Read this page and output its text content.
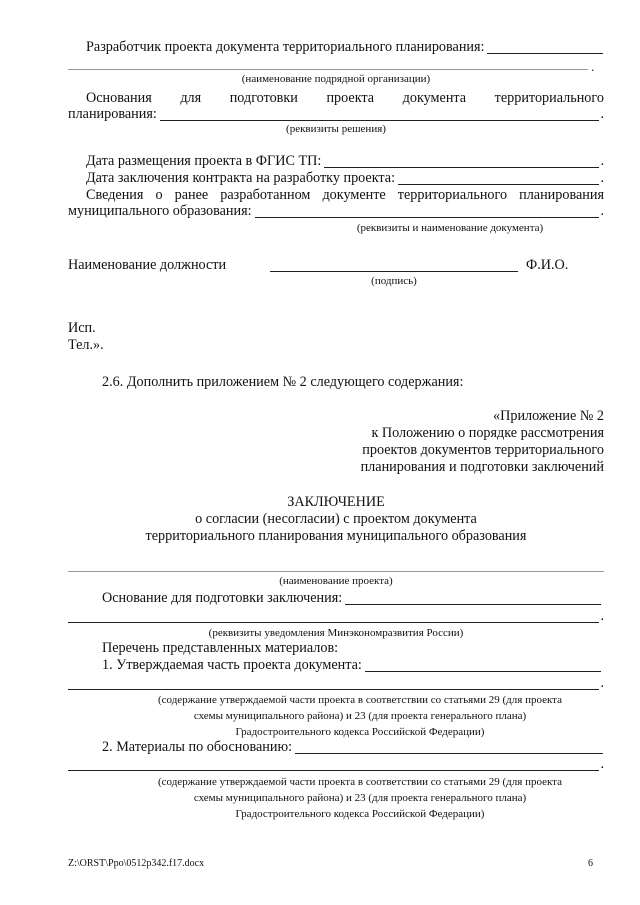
Разработчик проекта документа территориального планирования:
.
(наименование подрядной организации)
Основания для подготовки проекта документа территориального
планирования:	.
(реквизиты решения)
Дата размещения проекта в ФГИС ТП:	.
Дата заключения контракта на разработку проекта:	.
Сведения о ранее разработанном документе территориального планирования
муниципального образования:	.
(реквизиты и наименование документа)
Наименование должности	Ф.И.О.
(подпись)
Исп.
Тел.».
2.6. Дополнить приложением № 2 следующего содержания:
«Приложение № 2
к Положению о порядке рассмотрения
проектов документов территориального
планирования и подготовки заключений
ЗАКЛЮЧЕНИЕ
о согласии (несогласии) с проектом документа
территориального планирования муниципального образования
(наименование проекта)
Основание для подготовки заключения:
.
(реквизиты уведомления Минэкономразвития России)
Перечень представленных материалов:
1. Утверждаемая часть проекта документа:
.
(содержание утверждаемой части проекта в соответствии со статьями 29 (для проекта
схемы муниципального района) и 23 (для проекта генерального плана)
Градостроительного кодекса Российской Федерации)
2. Материалы по обоснованию:
.
(содержание утверждаемой части проекта в соответствии со статьями 29 (для проекта
схемы муниципального района) и 23 (для проекта генерального плана)
Градостроительного кодекса Российской Федерации)
Z:\ORST\Ppo\0512p342.f17.docx	6
